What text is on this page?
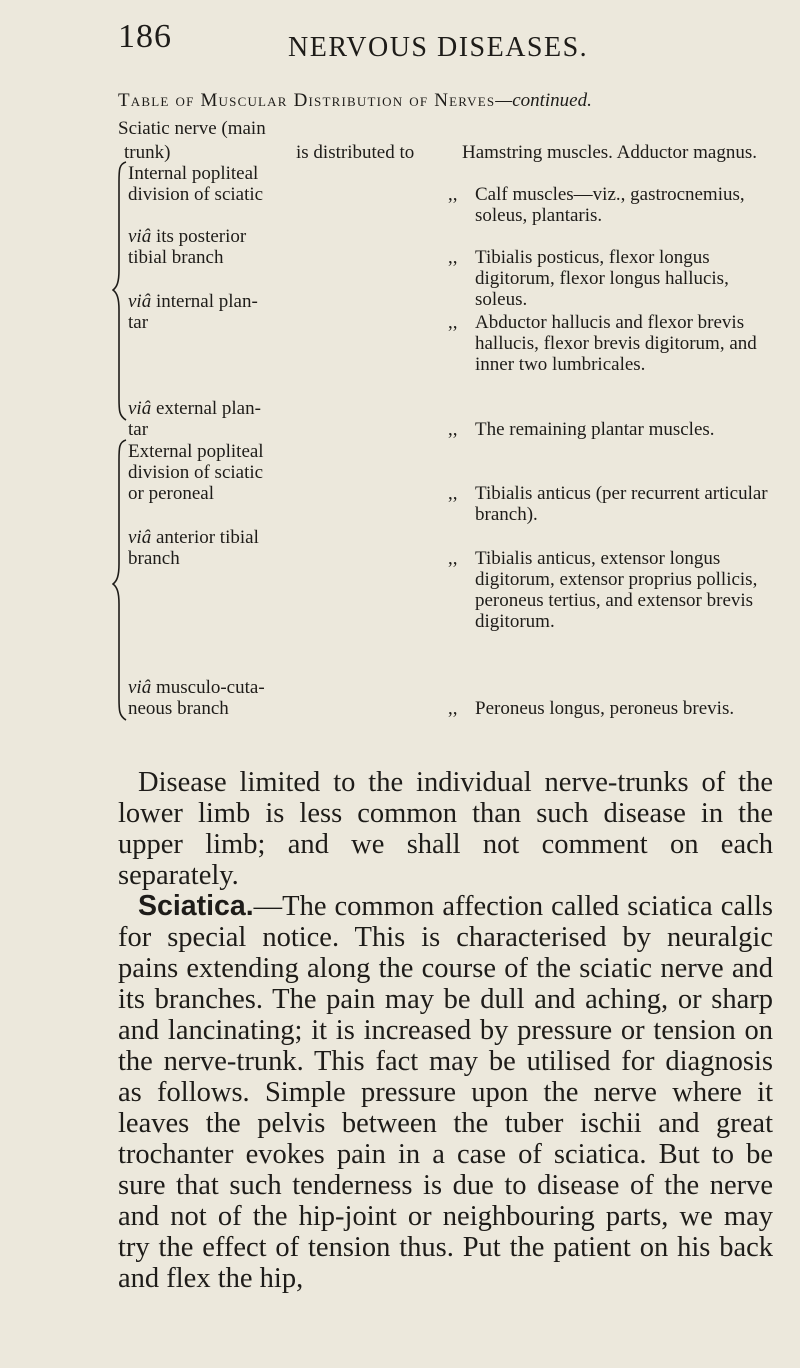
186	NERVOUS DISEASES.
Table of Muscular Distribution of Nerves—continued.
Sciatic nerve (main
trunk)	is distributed to	Hamstring muscles. Adductor magnus.
Internal popliteal
division of sciatic	,, Calf muscles—viz., gastrocnemius, soleus, plantaris.
viâ its posterior
tibial branch	,, Tibialis posticus, flexor longus digitorum, flexor longus hallucis, soleus.
viâ internal plan-
tar	,, Abductor hallucis and flexor brevis hallucis, flexor brevis digitorum, and inner two lumbricales.
viâ external plan-
tar	,, The remaining plantar muscles.
External popliteal
division of sciatic
or peroneal	,, Tibialis anticus (per recurrent articular branch).
viâ anterior tibial
branch	,, Tibialis anticus, extensor longus digitorum, extensor proprius pollicis, peroneus tertius, and extensor brevis digitorum.
viâ musculo-cuta-
neous branch	,, Peroneus longus, peroneus brevis.

Disease limited to the individual nerve-trunks of the lower limb is less common than such disease in the upper limb; and we shall not comment on each separately.

Sciatica.—The common affection called sciatica calls for special notice. This is characterised by neuralgic pains extending along the course of the sciatic nerve and its branches. The pain may be dull and aching, or sharp and lancinating; it is increased by pressure or tension on the nerve-trunk. This fact may be utilised for diagnosis as follows. Simple pressure upon the nerve where it leaves the pelvis between the tuber ischii and great trochanter evokes pain in a case of sciatica. But to be sure that such tenderness is due to disease of the nerve and not of the hip-joint or neighbouring parts, we may try the effect of tension thus. Put the patient on his back and flex the hip,
